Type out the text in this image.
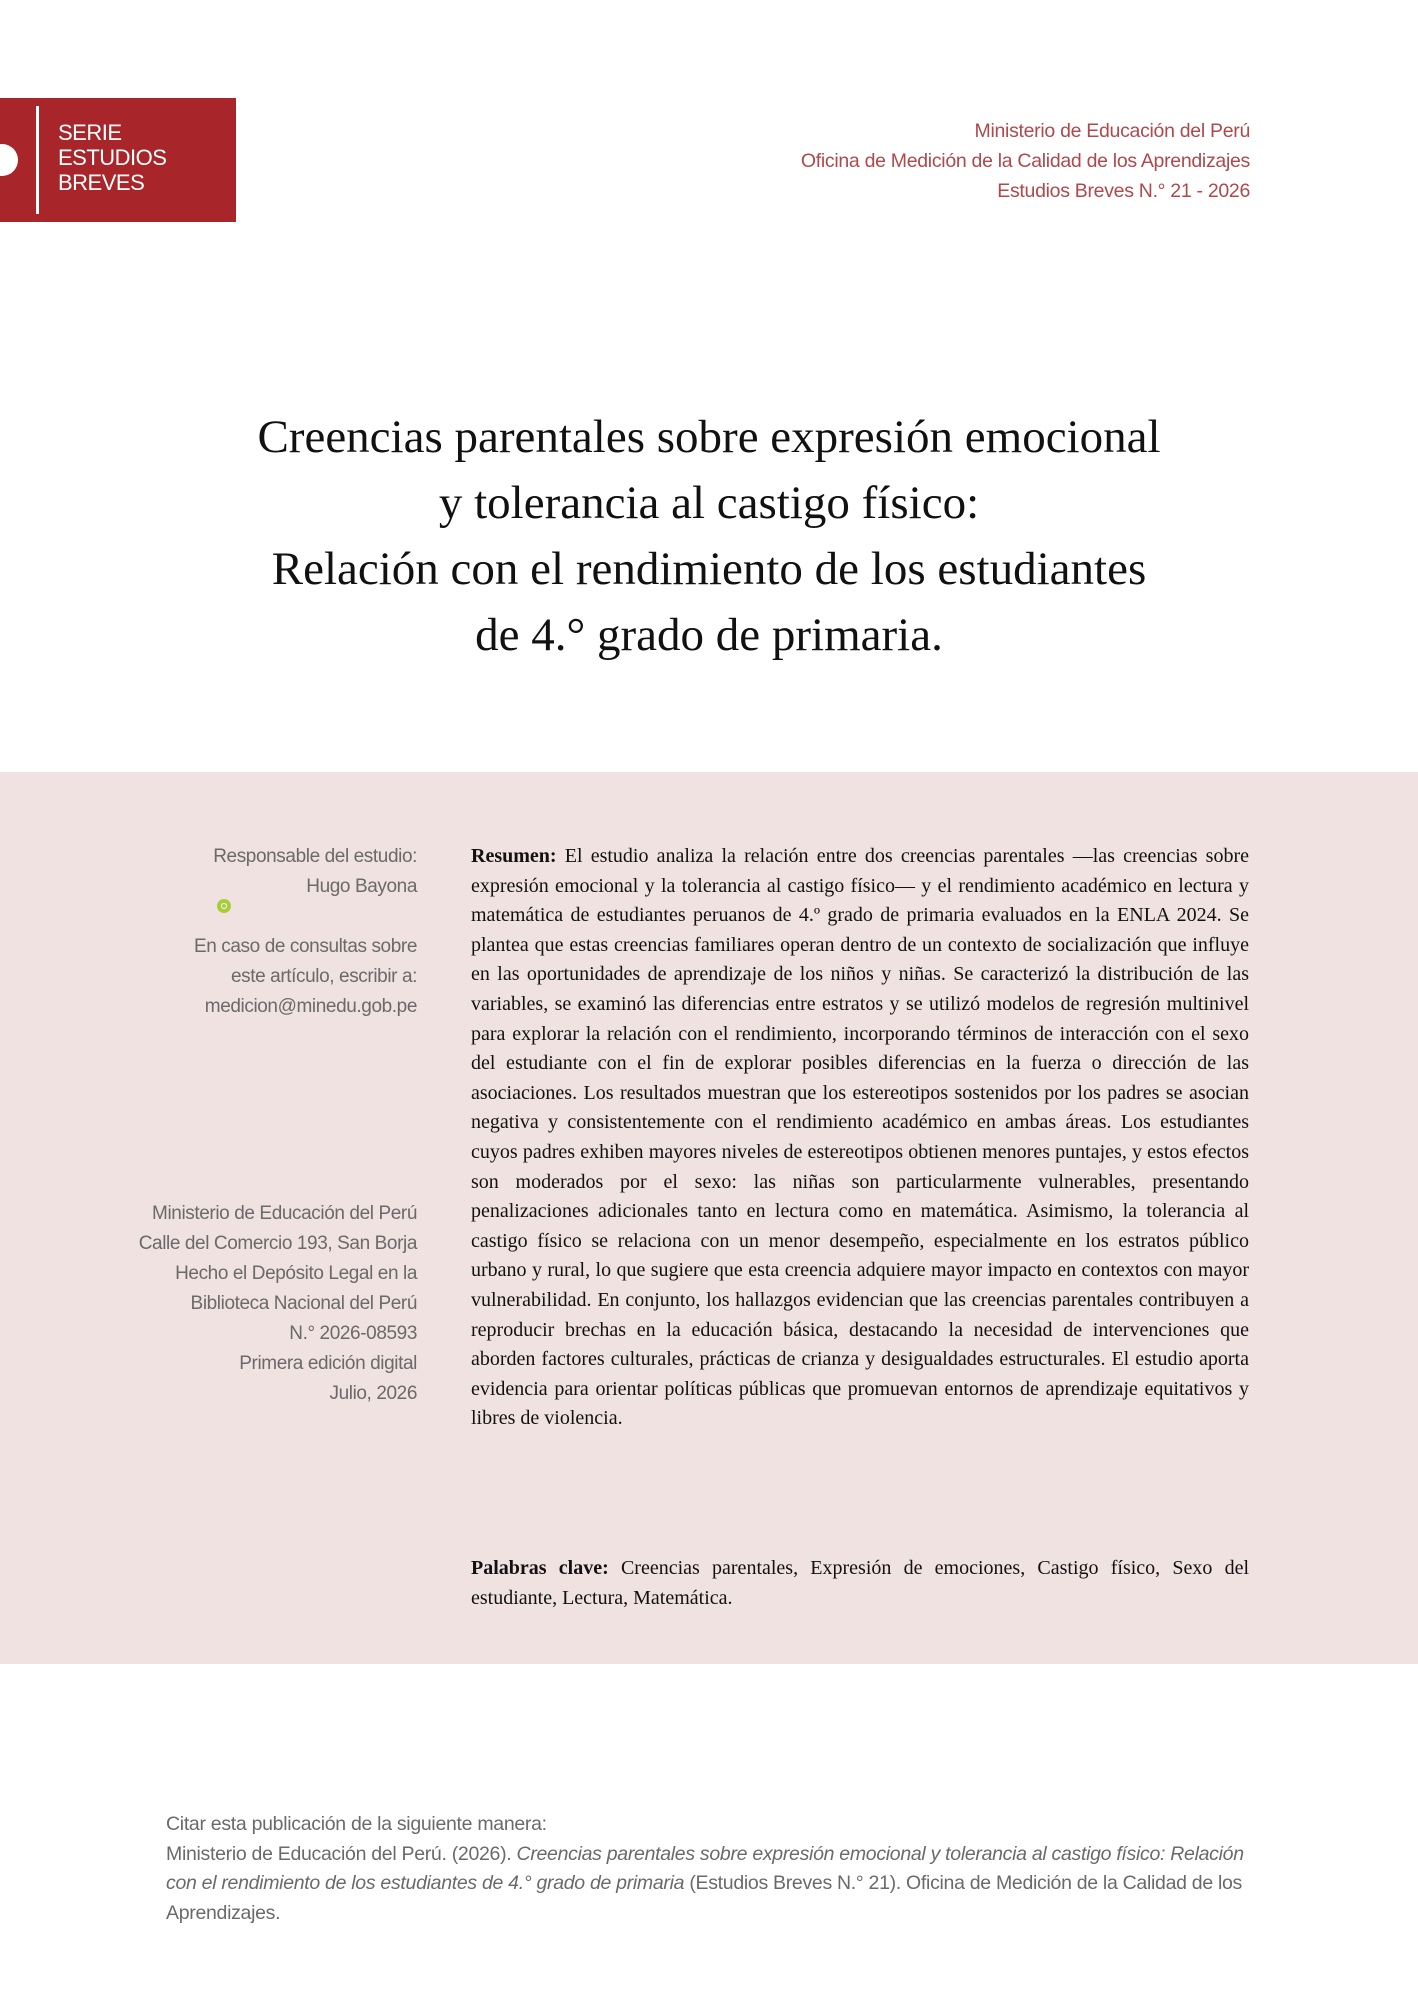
SERIE
ESTUDIOS
BREVES
Ministerio de Educación del Perú
Oficina de Medición de la Calidad de los Aprendizajes
Estudios Breves N.° 21 - 2026
Creencias parentales sobre expresión emocional
y tolerancia al castigo físico:
Relación con el rendimiento de los estudiantes
de 4.° grado de primaria.
Responsable del estudio:
Hugo Bayona
En caso de consultas sobre
este artículo, escribir a:
medicion@minedu.gob.pe
Ministerio de Educación del Perú
Calle del Comercio 193, San Borja
Hecho el Depósito Legal en la
Biblioteca Nacional del Perú
N.° 2026-08593
Primera edición digital
Julio, 2026

Resumen: El estudio analiza la relación entre dos creencias parentales —las creencias sobre expresión emocional y la tolerancia al castigo físico— y el rendimiento académico en lectura y matemática de estudiantes peruanos de 4.º grado de primaria evaluados en la ENLA 2024. Se plantea que estas creencias familiares operan dentro de un contexto de socialización que influye en las oportunidades de aprendizaje de los niños y niñas. Se caracterizó la distribución de las variables, se examinó las diferencias entre estratos y se utilizó modelos de regresión multinivel para explorar la relación con el rendimiento, incorporando términos de interacción con el sexo del estudiante con el fin de explorar posibles diferencias en la fuerza o dirección de las asociaciones. Los resultados muestran que los estereotipos sostenidos por los padres se asocian negativa y consistentemente con el rendimiento académico en ambas áreas. Los estudiantes cuyos padres exhiben mayores niveles de estereotipos obtienen menores puntajes, y estos efectos son moderados por el sexo: las niñas son particularmente vulnerables, presentando penalizaciones adicionales tanto en lectura como en matemática. Asimismo, la tolerancia al castigo físico se relaciona con un menor desempeño, especialmente en los estratos público urbano y rural, lo que sugiere que esta creencia adquiere mayor impacto en contextos con mayor vulnerabilidad. En conjunto, los hallazgos evidencian que las creencias parentales contribuyen a reproducir brechas en la educación básica, destacando la necesidad de intervenciones que aborden factores culturales, prácticas de crianza y desigualdades estructurales. El estudio aporta evidencia para orientar políticas públicas que promuevan entornos de aprendizaje equitativos y libres de violencia.

Palabras clave: Creencias parentales, Expresión de emociones, Castigo físico, Sexo del estudiante, Lectura, Matemática.

Citar esta publicación de la siguiente manera:
Ministerio de Educación del Perú. (2026). Creencias parentales sobre expresión emocional y tolerancia al castigo físico: Relación con el rendimiento de los estudiantes de 4.° grado de primaria (Estudios Breves N.° 21). Oficina de Medición de la Calidad de los Aprendizajes.
